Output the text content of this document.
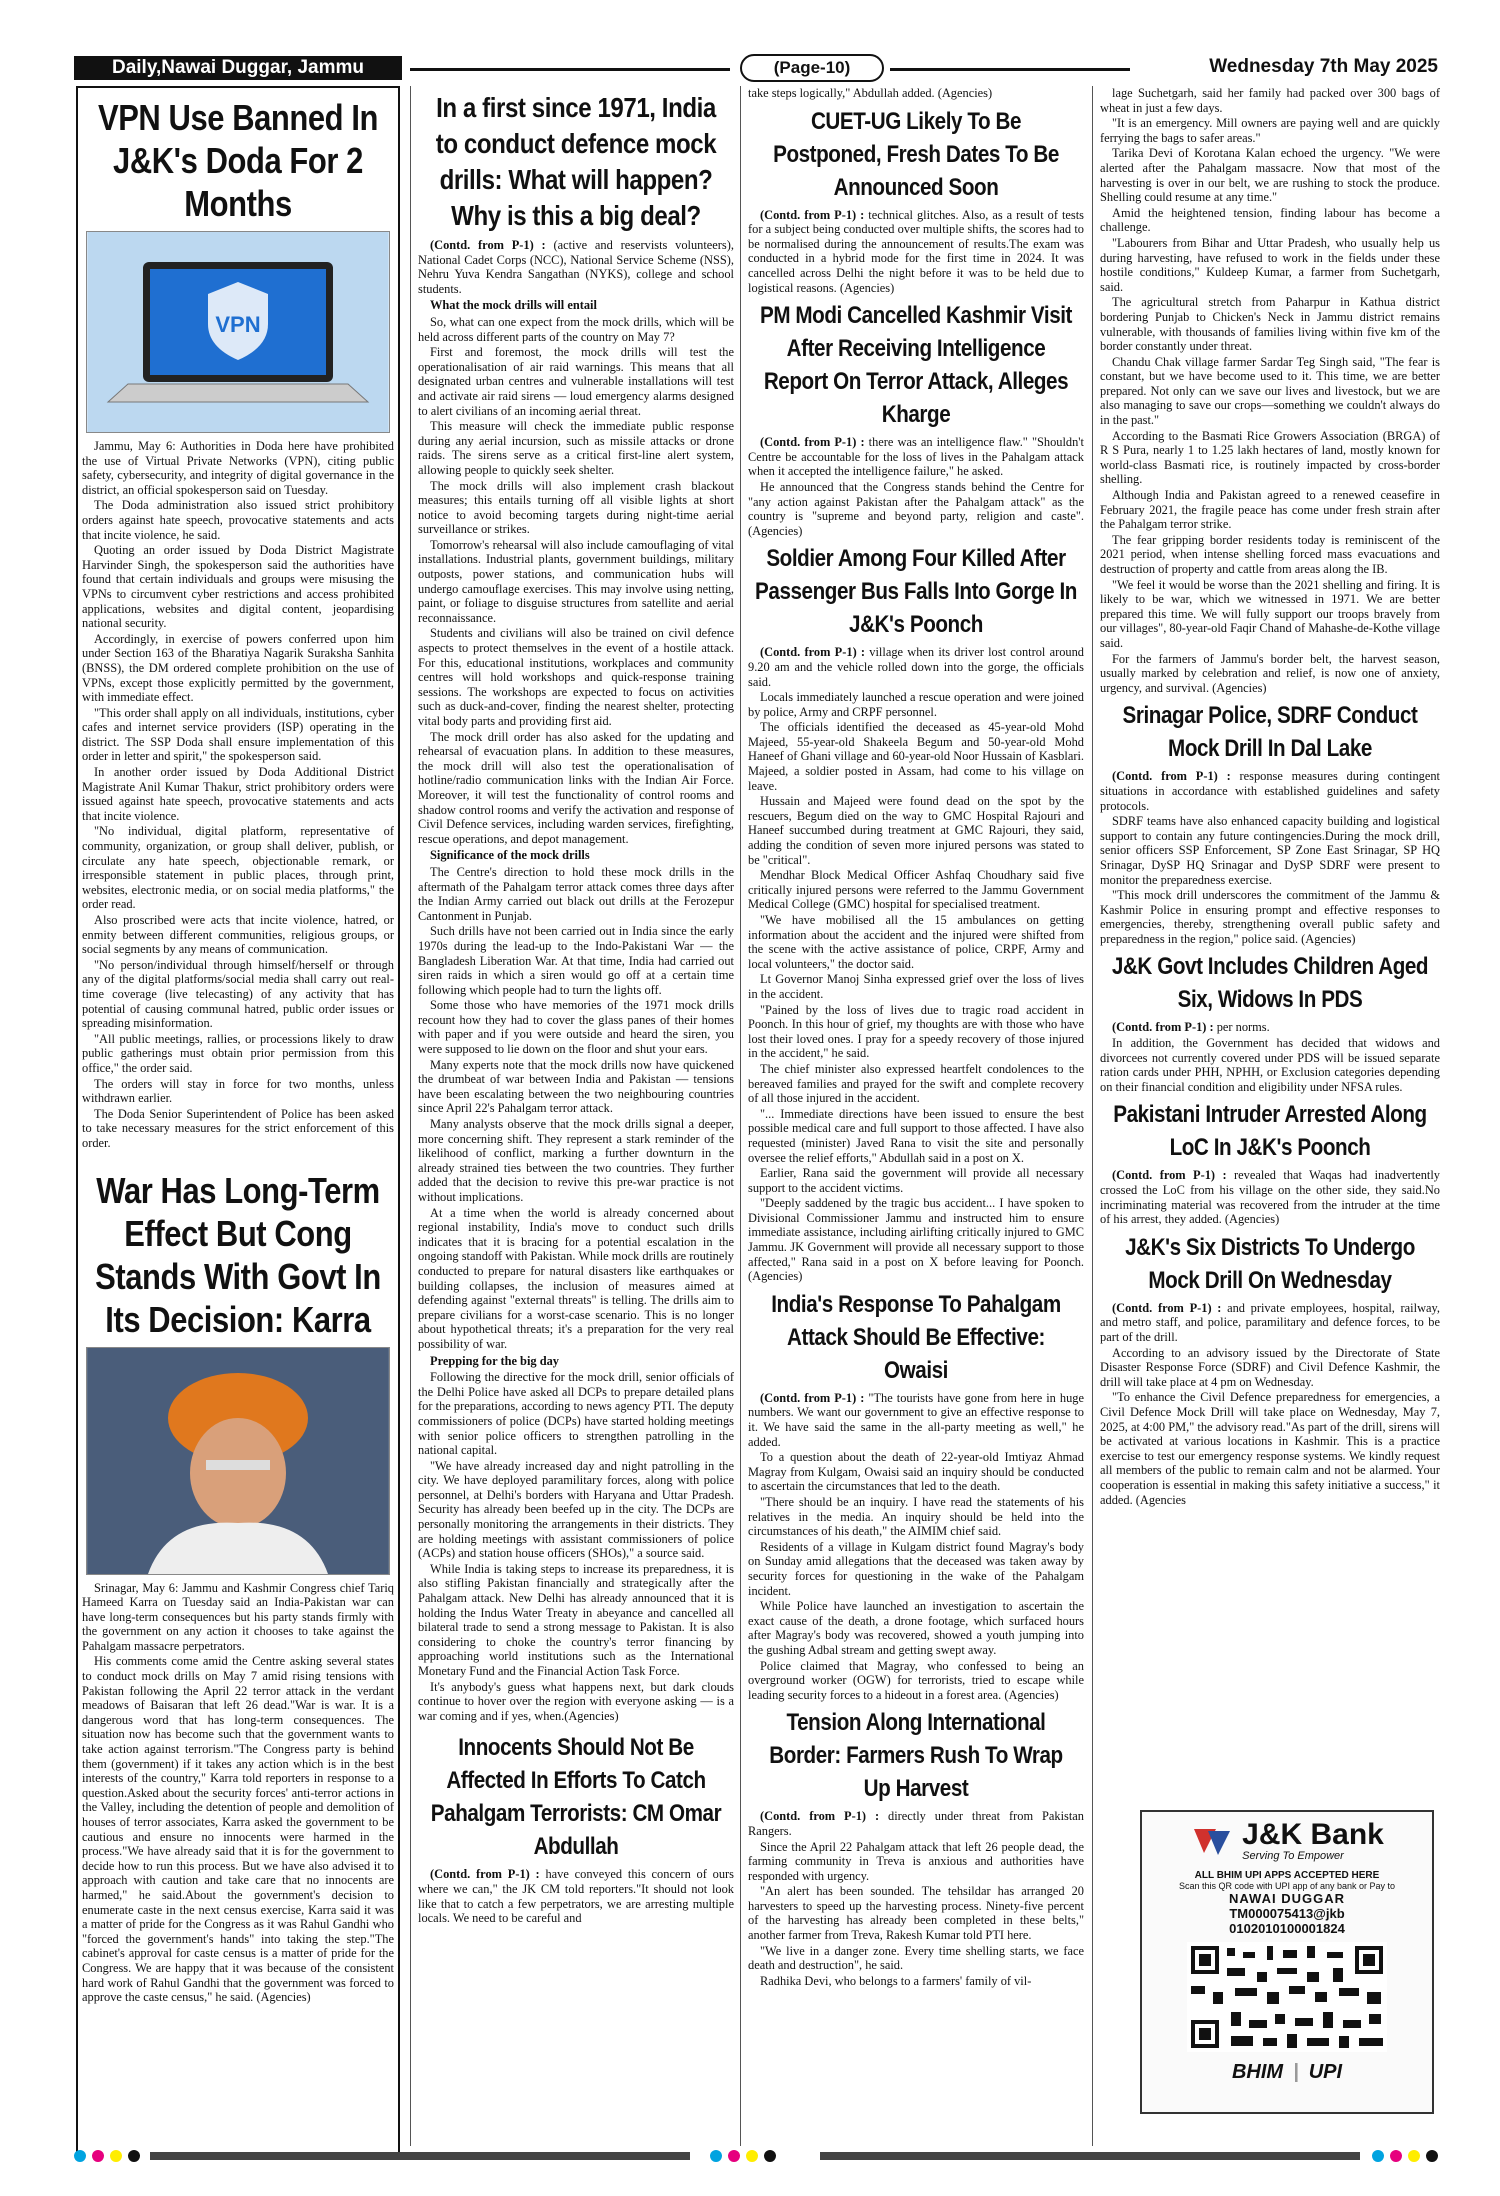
Daily,Nawai Duggar, Jammu	(Page-10)	Wednesday 7th May 2025
VPN Use Banned In J&K's Doda For 2 Months
VPN

Jammu, May 6: Authorities in Doda here have prohibited the use of Virtual Private Networks (VPN), citing public safety, cybersecurity, and integrity of digital governance in the district, an official spokesperson said on Tuesday.

The Doda administration also issued strict prohibitory orders against hate speech, provocative statements and acts that incite violence, he said.

Quoting an order issued by Doda District Magistrate Harvinder Singh, the spokesperson said the authorities have found that certain individuals and groups were misusing the VPNs to circumvent cyber restrictions and access prohibited applications, websites and digital content, jeopardising national security.

Accordingly, in exercise of powers conferred upon him under Section 163 of the Bharatiya Nagarik Suraksha Sanhita (BNSS), the DM ordered complete prohibition on the use of VPNs, except those explicitly permitted by the government, with immediate effect.

"This order shall apply on all individuals, institutions, cyber cafes and internet service providers (ISP) operating in the district. The SSP Doda shall ensure implementation of this order in letter and spirit," the spokesperson said.

In another order issued by Doda Additional District Magistrate Anil Kumar Thakur, strict prohibitory orders were issued against hate speech, provocative statements and acts that incite violence.

"No individual, digital platform, representative of community, organization, or group shall deliver, publish, or circulate any hate speech, objectionable remark, or irresponsible statement in public places, through print, websites, electronic media, or on social media platforms," the order read.

Also proscribed were acts that incite violence, hatred, or enmity between different communities, religious groups, or social segments by any means of communication.

"No person/individual through himself/herself or through any of the digital platforms/social media shall carry out real-time coverage (live telecasting) of any activity that has potential of causing communal hatred, public order issues or spreading misinformation.

"All public meetings, rallies, or processions likely to draw public gatherings must obtain prior permission from this office," the order said.

The orders will stay in force for two months, unless withdrawn earlier.

The Doda Senior Superintendent of Police has been asked to take necessary measures for the strict enforcement of this order.

War Has Long-Term Effect But Cong Stands With Govt In Its Decision: Karra

Srinagar, May 6: Jammu and Kashmir Congress chief Tariq Hameed Karra on Tuesday said an India-Pakistan war can have long-term consequences but his party stands firmly with the government on any action it chooses to take against the Pahalgam massacre perpetrators.

His comments come amid the Centre asking several states to conduct mock drills on May 7 amid rising tensions with Pakistan following the April 22 terror attack in the verdant meadows of Baisaran that left 26 dead."War is war. It is a dangerous word that has long-term consequences. The situation now has become such that the government wants to take action against terrorism."The Congress party is behind them (government) if it takes any action which is in the best interests of the country," Karra told reporters in response to a question.Asked about the security forces' anti-terror actions in the Valley, including the detention of people and demolition of houses of terror associates, Karra asked the government to be cautious and ensure no innocents were harmed in the process."We have already said that it is for the government to decide how to run this process. But we have also advised it to approach with caution and take care that no innocents are harmed," he said.About the government's decision to enumerate caste in the next census exercise, Karra said it was a matter of pride for the Congress as it was Rahul Gandhi who "forced the government's hands" into taking the step."The cabinet's approval for caste census is a matter of pride for the Congress. We are happy that it was because of the consistent hard work of Rahul Gandhi that the government was forced to approve the caste census," he said. (Agencies)

In a first since 1971, India to conduct defence mock drills: What will happen? Why is this a big deal?

(Contd. from P-1) : (active and reservists volunteers), National Cadet Corps (NCC), National Service Scheme (NSS), Nehru Yuva Kendra Sangathan (NYKS), college and school students.

What the mock drills will entail

So, what can one expect from the mock drills, which will be held across different parts of the country on May 7?

First and foremost, the mock drills will test the operationalisation of air raid warnings. This means that all designated urban centres and vulnerable installations will test and activate air raid sirens — loud emergency alarms designed to alert civilians of an incoming aerial threat.

This measure will check the immediate public response during any aerial incursion, such as missile attacks or drone raids. The sirens serve as a critical first-line alert system, allowing people to quickly seek shelter.

The mock drills will also implement crash blackout measures; this entails turning off all visible lights at short notice to avoid becoming targets during night-time aerial surveillance or strikes.

Tomorrow's rehearsal will also include camouflaging of vital installations. Industrial plants, government buildings, military outposts, power stations, and communication hubs will undergo camouflage exercises. This may involve using netting, paint, or foliage to disguise structures from satellite and aerial reconnaissance.

Students and civilians will also be trained on civil defence aspects to protect themselves in the event of a hostile attack. For this, educational institutions, workplaces and community centres will hold workshops and quick-response training sessions. The workshops are expected to focus on activities such as duck-and-cover, finding the nearest shelter, protecting vital body parts and providing first aid.

The mock drill order has also asked for the updating and rehearsal of evacuation plans. In addition to these measures, the mock drill will also test the operationalisation of hotline/radio communication links with the Indian Air Force. Moreover, it will test the functionality of control rooms and shadow control rooms and verify the activation and response of Civil Defence services, including warden services, firefighting, rescue operations, and depot management.

Significance of the mock drills

The Centre's direction to hold these mock drills in the aftermath of the Pahalgam terror attack comes three days after the Indian Army carried out black out drills at the Ferozepur Cantonment in Punjab.

Such drills have not been carried out in India since the early 1970s during the lead-up to the Indo-Pakistani War — the Bangladesh Liberation War. At that time, India had carried out siren raids in which a siren would go off at a certain time following which people had to turn the lights off.

Some those who have memories of the 1971 mock drills recount how they had to cover the glass panes of their homes with paper and if you were outside and heard the siren, you were supposed to lie down on the floor and shut your ears.

Many experts note that the mock drills now have quickened the drumbeat of war between India and Pakistan — tensions have been escalating between the two neighbouring countries since April 22's Pahalgam terror attack.

Many analysts observe that the mock drills signal a deeper, more concerning shift. They represent a stark reminder of the likelihood of conflict, marking a further downturn in the already strained ties between the two countries. They further added that the decision to revive this pre-war practice is not without implications.

At a time when the world is already concerned about regional instability, India's move to conduct such drills indicates that it is bracing for a potential escalation in the ongoing standoff with Pakistan. While mock drills are routinely conducted to prepare for natural disasters like earthquakes or building collapses, the inclusion of measures aimed at defending against "external threats" is telling. The drills aim to prepare civilians for a worst-case scenario. This is no longer about hypothetical threats; it's a preparation for the very real possibility of war.

Prepping for the big day

Following the directive for the mock drill, senior officials of the Delhi Police have asked all DCPs to prepare detailed plans for the preparations, according to news agency PTI. The deputy commissioners of police (DCPs) have started holding meetings with senior police officers to strengthen patrolling in the national capital.

"We have already increased day and night patrolling in the city. We have deployed paramilitary forces, along with police personnel, at Delhi's borders with Haryana and Uttar Pradesh. Security has already been beefed up in the city. The DCPs are personally monitoring the arrangements in their districts. They are holding meetings with assistant commissioners of police (ACPs) and station house officers (SHOs)," a source said.

While India is taking steps to increase its preparedness, it is also stifling Pakistan financially and strategically after the Pahalgam attack. New Delhi has already announced that it is holding the Indus Water Treaty in abeyance and cancelled all bilateral trade to send a strong message to Pakistan. It is also considering to choke the country's terror financing by approaching world institutions such as the International Monetary Fund and the Financial Action Task Force.

It's anybody's guess what happens next, but dark clouds continue to hover over the region with everyone asking — is a war coming and if yes, when.(Agencies)

Innocents Should Not Be Affected In Efforts To Catch Pahalgam Terrorists: CM Omar Abdullah

(Contd. from P-1) : have conveyed this concern of ours where we can," the JK CM told reporters."It should not look like that to catch a few perpetrators, we are arresting multiple locals. We need to be careful and

take steps logically," Abdullah added. (Agencies)

CUET-UG Likely To Be Postponed, Fresh Dates To Be Announced Soon

(Contd. from P-1) : technical glitches. Also, as a result of tests for a subject being conducted over multiple shifts, the scores had to be normalised during the announcement of results.The exam was conducted in a hybrid mode for the first time in 2024. It was cancelled across Delhi the night before it was to be held due to logistical reasons. (Agencies)

PM Modi Cancelled Kashmir Visit After Receiving Intelligence Report On Terror Attack, Alleges Kharge

(Contd. from P-1) : there was an intelligence flaw." "Shouldn't Centre be accountable for the loss of lives in the Pahalgam attack when it accepted the intelligence failure," he asked.

He announced that the Congress stands behind the Centre for "any action against Pakistan after the Pahalgam attack" as the country is "supreme and beyond party, religion and caste". (Agencies)

Soldier Among Four Killed After Passenger Bus Falls Into Gorge In J&K's Poonch

(Contd. from P-1) : village when its driver lost control around 9.20 am and the vehicle rolled down into the gorge, the officials said.

Locals immediately launched a rescue operation and were joined by police, Army and CRPF personnel.

The officials identified the deceased as 45-year-old Mohd Majeed, 55-year-old Shakeela Begum and 50-year-old Mohd Haneef of Ghani village and 60-year-old Noor Hussain of Kasblari. Majeed, a soldier posted in Assam, had come to his village on leave.

Hussain and Majeed were found dead on the spot by the rescuers, Begum died on the way to GMC Hospital Rajouri and Haneef succumbed during treatment at GMC Rajouri, they said, adding the condition of seven more injured persons was stated to be "critical".

Mendhar Block Medical Officer Ashfaq Choudhary said five critically injured persons were referred to the Jammu Government Medical College (GMC) hospital for specialised treatment.

"We have mobilised all the 15 ambulances on getting information about the accident and the injured were shifted from the scene with the active assistance of police, CRPF, Army and local volunteers," the doctor said.

Lt Governor Manoj Sinha expressed grief over the loss of lives in the accident.

"Pained by the loss of lives due to tragic road accident in Poonch. In this hour of grief, my thoughts are with those who have lost their loved ones. I pray for a speedy recovery of those injured in the accident," he said.

The chief minister also expressed heartfelt condolences to the bereaved families and prayed for the swift and complete recovery of all those injured in the accident.

"... Immediate directions have been issued to ensure the best possible medical care and full support to those affected. I have also requested (minister) Javed Rana to visit the site and personally oversee the relief efforts," Abdullah said in a post on X.

Earlier, Rana said the government will provide all necessary support to the accident victims.

"Deeply saddened by the tragic bus accident... I have spoken to Divisional Commissioner Jammu and instructed him to ensure immediate assistance, including airlifting critically injured to GMC Jammu. JK Government will provide all necessary support to those affected," Rana said in a post on X before leaving for Poonch. (Agencies)

India's Response To Pahalgam Attack Should Be Effective: Owaisi

(Contd. from P-1) : "The tourists have gone from here in huge numbers. We want our government to give an effective response to it. We have said the same in the all-party meeting as well," he added.

To a question about the death of 22-year-old Imtiyaz Ahmad Magray from Kulgam, Owaisi said an inquiry should be conducted to ascertain the circumstances that led to the death.

"There should be an inquiry. I have read the statements of his relatives in the media. An inquiry should be held into the circumstances of his death," the AIMIM chief said.

Residents of a village in Kulgam district found Magray's body on Sunday amid allegations that the deceased was taken away by security forces for questioning in the wake of the Pahalgam incident.

While Police have launched an investigation to ascertain the exact cause of the death, a drone footage, which surfaced hours after Magray's body was recovered, showed a youth jumping into the gushing Adbal stream and getting swept away.

Police claimed that Magray, who confessed to being an overground worker (OGW) for terrorists, tried to escape while leading security forces to a hideout in a forest area. (Agencies)

Tension Along International Border: Farmers Rush To Wrap Up Harvest

(Contd. from P-1) : directly under threat from Pakistan Rangers.

Since the April 22 Pahalgam attack that left 26 people dead, the farming community in Treva is anxious and authorities have responded with urgency.

"An alert has been sounded. The tehsildar has arranged 20 harvesters to speed up the harvesting process. Ninety-five percent of the harvesting has already been completed in these belts," another farmer from Treva, Rakesh Kumar told PTI here.

"We live in a danger zone. Every time shelling starts, we face death and destruction", he said.

Radhika Devi, who belongs to a farmers' family of vil-

lage Suchetgarh, said her family had packed over 300 bags of wheat in just a few days.

"It is an emergency. Mill owners are paying well and are quickly ferrying the bags to safer areas."

Tarika Devi of Korotana Kalan echoed the urgency. "We were alerted after the Pahalgam massacre. Now that most of the harvesting is over in our belt, we are rushing to stock the produce. Shelling could resume at any time."

Amid the heightened tension, finding labour has become a challenge.

"Labourers from Bihar and Uttar Pradesh, who usually help us during harvesting, have refused to work in the fields under these hostile conditions," Kuldeep Kumar, a farmer from Suchetgarh, said.

The agricultural stretch from Paharpur in Kathua district bordering Punjab to Chicken's Neck in Jammu district remains vulnerable, with thousands of families living within five km of the border constantly under threat.

Chandu Chak village farmer Sardar Teg Singh said, "The fear is constant, but we have become used to it. This time, we are better prepared. Not only can we save our lives and livestock, but we are also managing to save our crops—something we couldn't always do in the past."

According to the Basmati Rice Growers Association (BRGA) of R S Pura, nearly 1 to 1.25 lakh hectares of land, mostly known for world-class Basmati rice, is routinely impacted by cross-border shelling.

Although India and Pakistan agreed to a renewed ceasefire in February 2021, the fragile peace has come under fresh strain after the Pahalgam terror strike.

The fear gripping border residents today is reminiscent of the 2021 period, when intense shelling forced mass evacuations and destruction of property and cattle from areas along the IB.

"We feel it would be worse than the 2021 shelling and firing. It is likely to be war, which we witnessed in 1971. We are better prepared this time. We will fully support our troops bravely from our villages", 80-year-old Faqir Chand of Mahashe-de-Kothe village said.

For the farmers of Jammu's border belt, the harvest season, usually marked by celebration and relief, is now one of anxiety, urgency, and survival. (Agencies)

Srinagar Police, SDRF Conduct Mock Drill In Dal Lake

(Contd. from P-1) : response measures during contingent situations in accordance with established guidelines and safety protocols.

SDRF teams have also enhanced capacity building and logistical support to contain any future contingencies.During the mock drill, senior officers SSP Enforcement, SP Zone East Srinagar, SP HQ Srinagar, DySP HQ Srinagar and DySP SDRF were present to monitor the preparedness exercise.

"This mock drill underscores the commitment of the Jammu & Kashmir Police in ensuring prompt and effective responses to emergencies, thereby, strengthening overall public safety and preparedness in the region," police said. (Agencies)

J&K Govt Includes Children Aged Six, Widows In PDS

(Contd. from P-1) : per norms.

In addition, the Government has decided that widows and divorcees not currently covered under PDS will be issued separate ration cards under PHH, NPHH, or Exclusion categories depending on their financial condition and eligibility under NFSA rules.

Pakistani Intruder Arrested Along LoC In J&K's Poonch

(Contd. from P-1) : revealed that Waqas had inadvertently crossed the LoC from his village on the other side, they said.No incriminating material was recovered from the intruder at the time of his arrest, they added. (Agencies)

J&K's Six Districts To Undergo Mock Drill On Wednesday

(Contd. from P-1) : and private employees, hospital, railway, and metro staff, and police, paramilitary and defence forces, to be part of the drill.

According to an advisory issued by the Directorate of State Disaster Response Force (SDRF) and Civil Defence Kashmir, the drill will take place at 4 pm on Wednesday.

"To enhance the Civil Defence preparedness for emergencies, a Civil Defence Mock Drill will take place on Wednesday, May 7, 2025, at 4:00 PM," the advisory read."As part of the drill, sirens will be activated at various locations in Kashmir. This is a practice exercise to test our emergency response systems. We kindly request all members of the public to remain calm and not be alarmed. Your cooperation is essential in making this safety initiative a success," it added. (Agencies

J&K Bank
Serving To Empower
ALL BHIM UPI APPS ACCEPTED HERE
Scan this QR code with UPI app of any bank or Pay to
NAWAI DUGGAR
TM000075413@jkb
0102010100001824
BHIM | UPI
